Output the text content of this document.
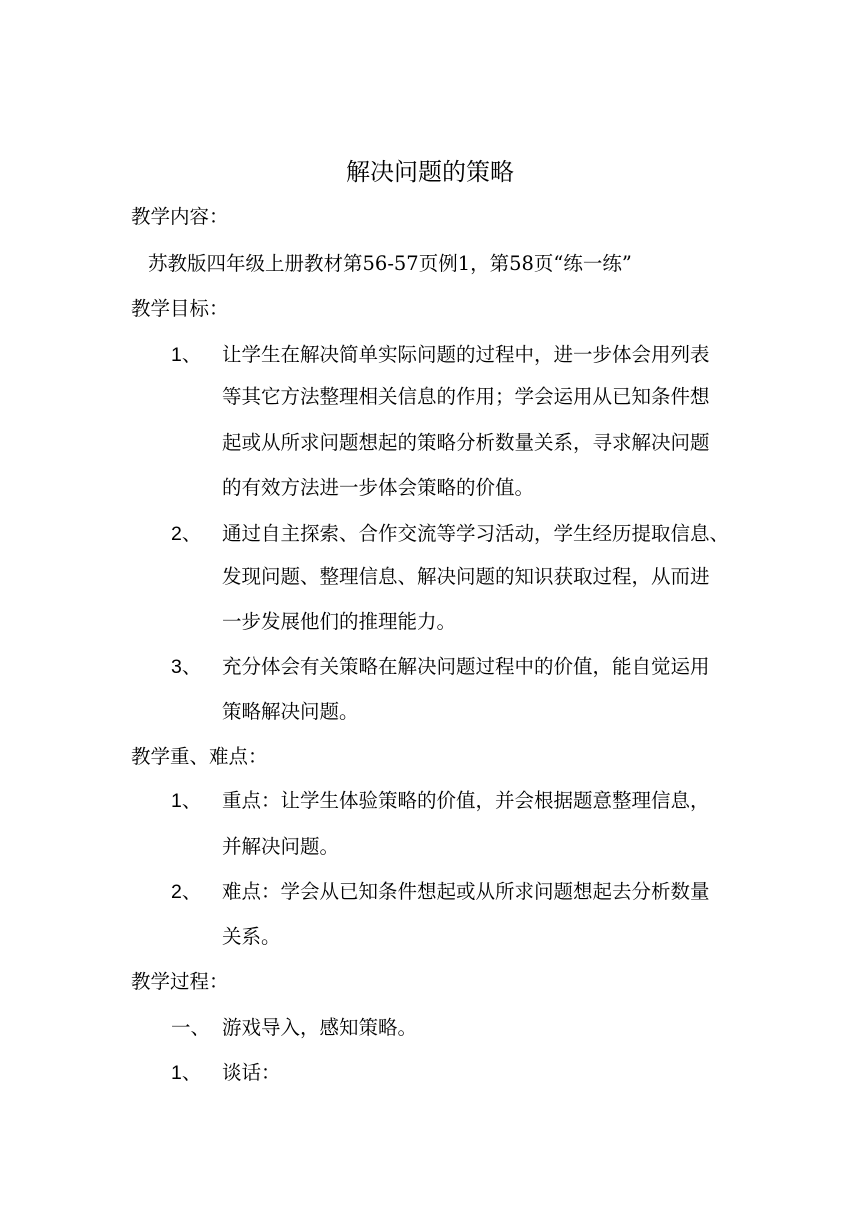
解决问题的策略
教学内容：
苏教版四年级上册教材第56-57页例1，第58页“练一练”
教学目标：
1、 让学生在解决简单实际问题的过程中，进一步体会用列表
等其它方法整理相关信息的作用；学会运用从已知条件想
起或从所求问题想起的策略分析数量关系，寻求解决问题
的有效方法进一步体会策略的价值。
2、 通过自主探索、合作交流等学习活动，学生经历提取信息、
发现问题、整理信息、解决问题的知识获取过程，从而进
一步发展他们的推理能力。
3、 充分体会有关策略在解决问题过程中的价值，能自觉运用
策略解决问题。
教学重、难点：
1、 重点：让学生体验策略的价值，并会根据题意整理信息，
并解决问题。
2、 难点：学会从已知条件想起或从所求问题想起去分析数量
关系。
教学过程：
一、 游戏导入，感知策略。
1、 谈话：
